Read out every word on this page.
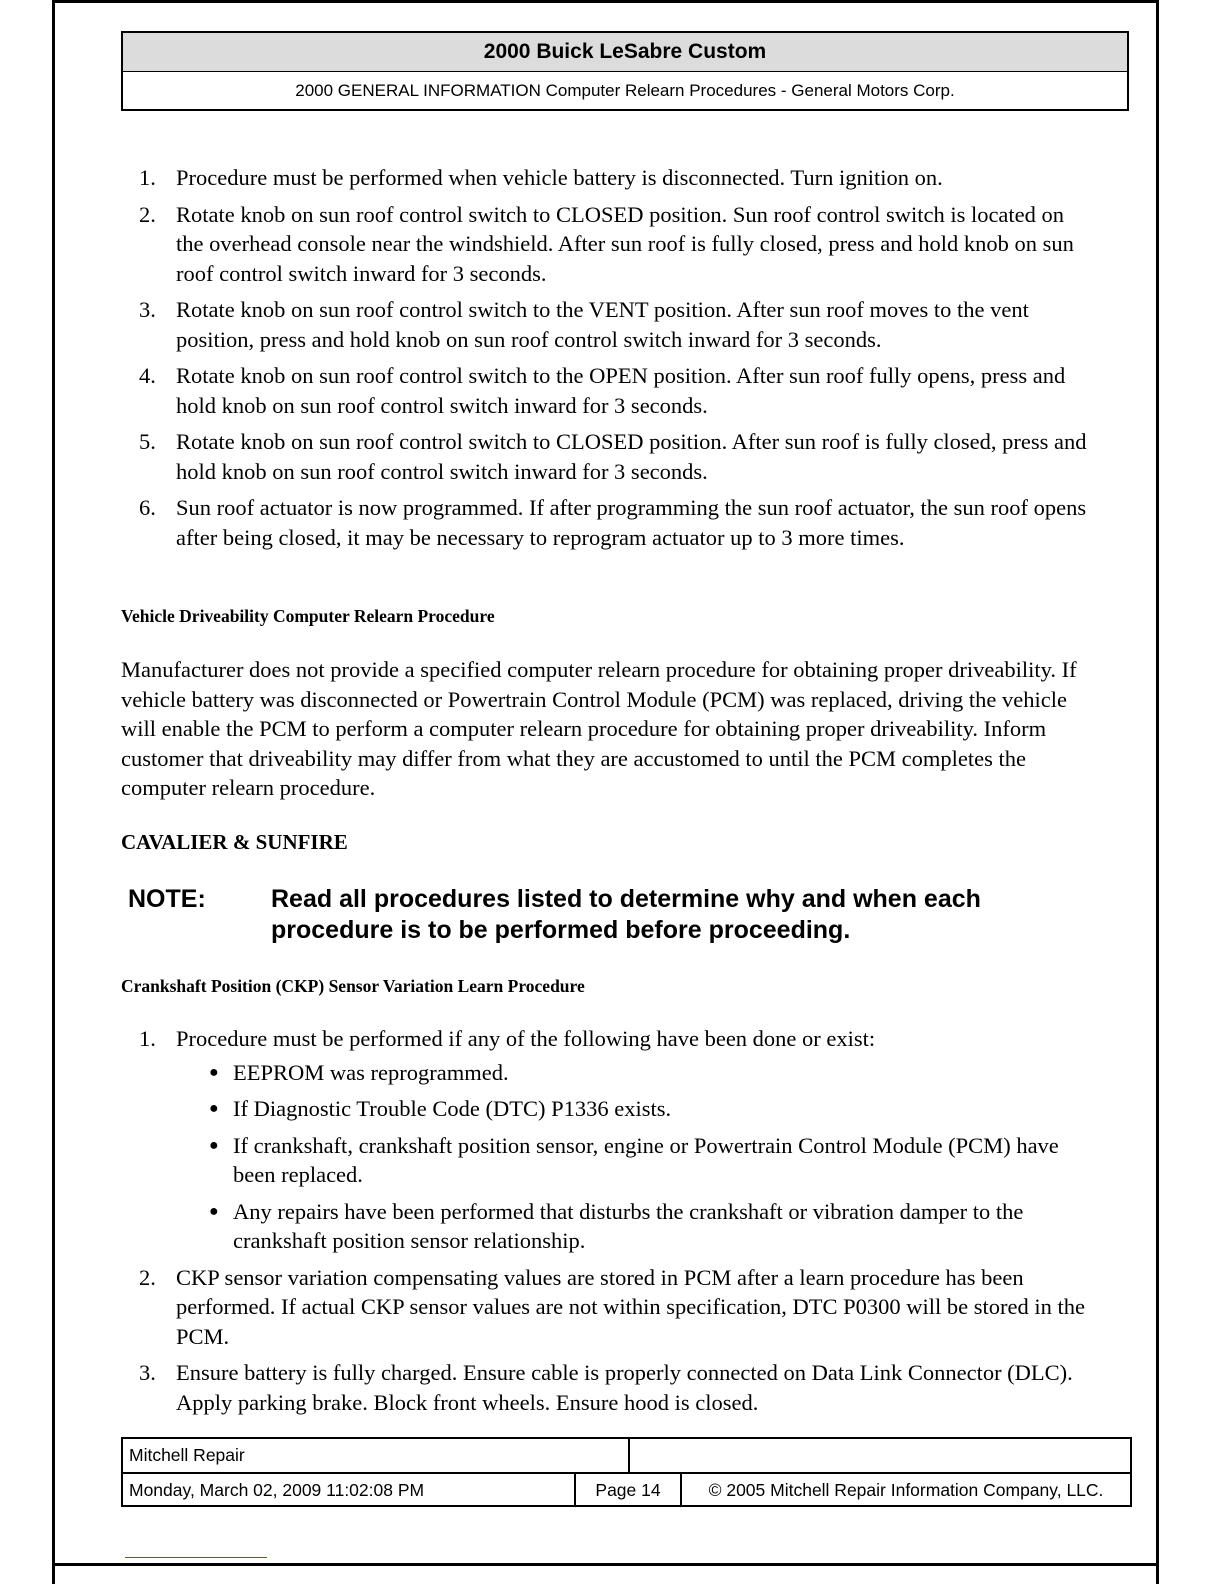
2000 Buick LeSabre Custom
2000 GENERAL INFORMATION Computer Relearn Procedures - General Motors Corp.
1. Procedure must be performed when vehicle battery is disconnected. Turn ignition on.
2. Rotate knob on sun roof control switch to CLOSED position. Sun roof control switch is located on the overhead console near the windshield. After sun roof is fully closed, press and hold knob on sun roof control switch inward for 3 seconds.
3. Rotate knob on sun roof control switch to the VENT position. After sun roof moves to the vent position, press and hold knob on sun roof control switch inward for 3 seconds.
4. Rotate knob on sun roof control switch to the OPEN position. After sun roof fully opens, press and hold knob on sun roof control switch inward for 3 seconds.
5. Rotate knob on sun roof control switch to CLOSED position. After sun roof is fully closed, press and hold knob on sun roof control switch inward for 3 seconds.
6. Sun roof actuator is now programmed. If after programming the sun roof actuator, the sun roof opens after being closed, it may be necessary to reprogram actuator up to 3 more times.
Vehicle Driveability Computer Relearn Procedure

Manufacturer does not provide a specified computer relearn procedure for obtaining proper driveability. If vehicle battery was disconnected or Powertrain Control Module (PCM) was replaced, driving the vehicle will enable the PCM to perform a computer relearn procedure for obtaining proper driveability. Inform customer that driveability may differ from what they are accustomed to until the PCM completes the computer relearn procedure.

CAVALIER & SUNFIRE
NOTE:	Read all procedures listed to determine why and when each procedure is to be performed before proceeding.
Crankshaft Position (CKP) Sensor Variation Learn Procedure
1. Procedure must be performed if any of the following have been done or exist:
● EEPROM was reprogrammed.
● If Diagnostic Trouble Code (DTC) P1336 exists.
● If crankshaft, crankshaft position sensor, engine or Powertrain Control Module (PCM) have been replaced.
● Any repairs have been performed that disturbs the crankshaft or vibration damper to the crankshaft position sensor relationship.
2. CKP sensor variation compensating values are stored in PCM after a learn procedure has been performed. If actual CKP sensor values are not within specification, DTC P0300 will be stored in the PCM.
3. Ensure battery is fully charged. Ensure cable is properly connected on Data Link Connector (DLC). Apply parking brake. Block front wheels. Ensure hood is closed.
Mitchell Repair
Monday, March 02, 2009 11:02:08 PM	Page 14	© 2005 Mitchell Repair Information Company, LLC.
